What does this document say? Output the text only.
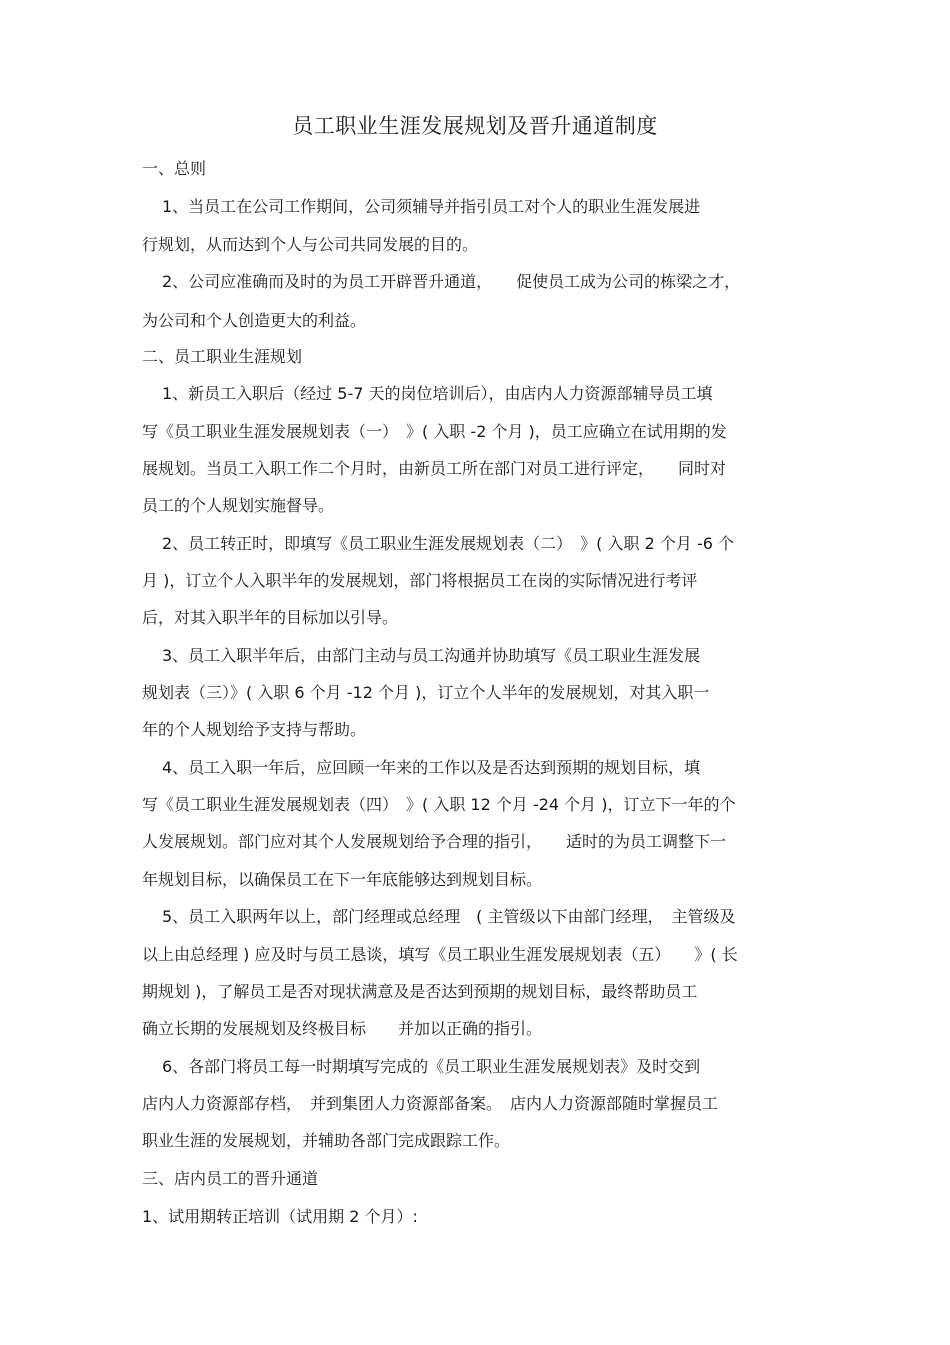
员工职业生涯发展规划及晋升通道制度
一、总则
1、当员工在公司工作期间，公司须辅导并指引员工对个人的职业生涯发展进
行规划，从而达到个人与公司共同发展的目的。
2、公司应准确而及时的为员工开辟晋升通道，　　促使员工成为公司的栋梁之才，
为公司和个人创造更大的利益。
二、员工职业生涯规划
1、新员工入职后（经过 5-7 天的岗位培训后），由店内人力资源部辅导员工填
写《员工职业生涯发展规划表（一）　》( 入职 -2 个月 )，员工应确立在试用期的发
展规划。当员工入职工作二个月时，由新员工所在部门对员工进行评定，　　同时对
员工的个人规划实施督导。
2、员工转正时，即填写《员工职业生涯发展规划表（二）　》( 入职 2 个月 -6 个
月 )，订立个人入职半年的发展规划，部门将根据员工在岗的实际情况进行考评
后，对其入职半年的目标加以引导。
3、员工入职半年后，由部门主动与员工沟通并协助填写《员工职业生涯发展
规划表（三）》( 入职 6 个月 -12 个月 )，订立个人半年的发展规划，对其入职一
年的个人规划给予支持与帮助。
4、员工入职一年后，应回顾一年来的工作以及是否达到预期的规划目标，填
写《员工职业生涯发展规划表（四）　》( 入职 12 个月 -24 个月 )，订立下一年的个
人发展规划。部门应对其个人发展规划给予合理的指引，　　适时的为员工调整下一
年规划目标，以确保员工在下一年底能够达到规划目标。
5、员工入职两年以上，部门经理或总经理　( 主管级以下由部门经理，　主管级及
以上由总经理 ) 应及时与员工恳谈，填写《员工职业生涯发展规划表（五）　　》( 长
期规划 )，了解员工是否对现状满意及是否达到预期的规划目标，最终帮助员工
确立长期的发展规划及终极目标　　并加以正确的指引。
6、各部门将员工每一时期填写完成的《员工职业生涯发展规划表》及时交到
店内人力资源部存档，　并到集团人力资源部备案。　店内人力资源部随时掌握员工
职业生涯的发展规划，并辅助各部门完成跟踪工作。
三、店内员工的晋升通道
1、试用期转正培训（试用期 2 个月）:
